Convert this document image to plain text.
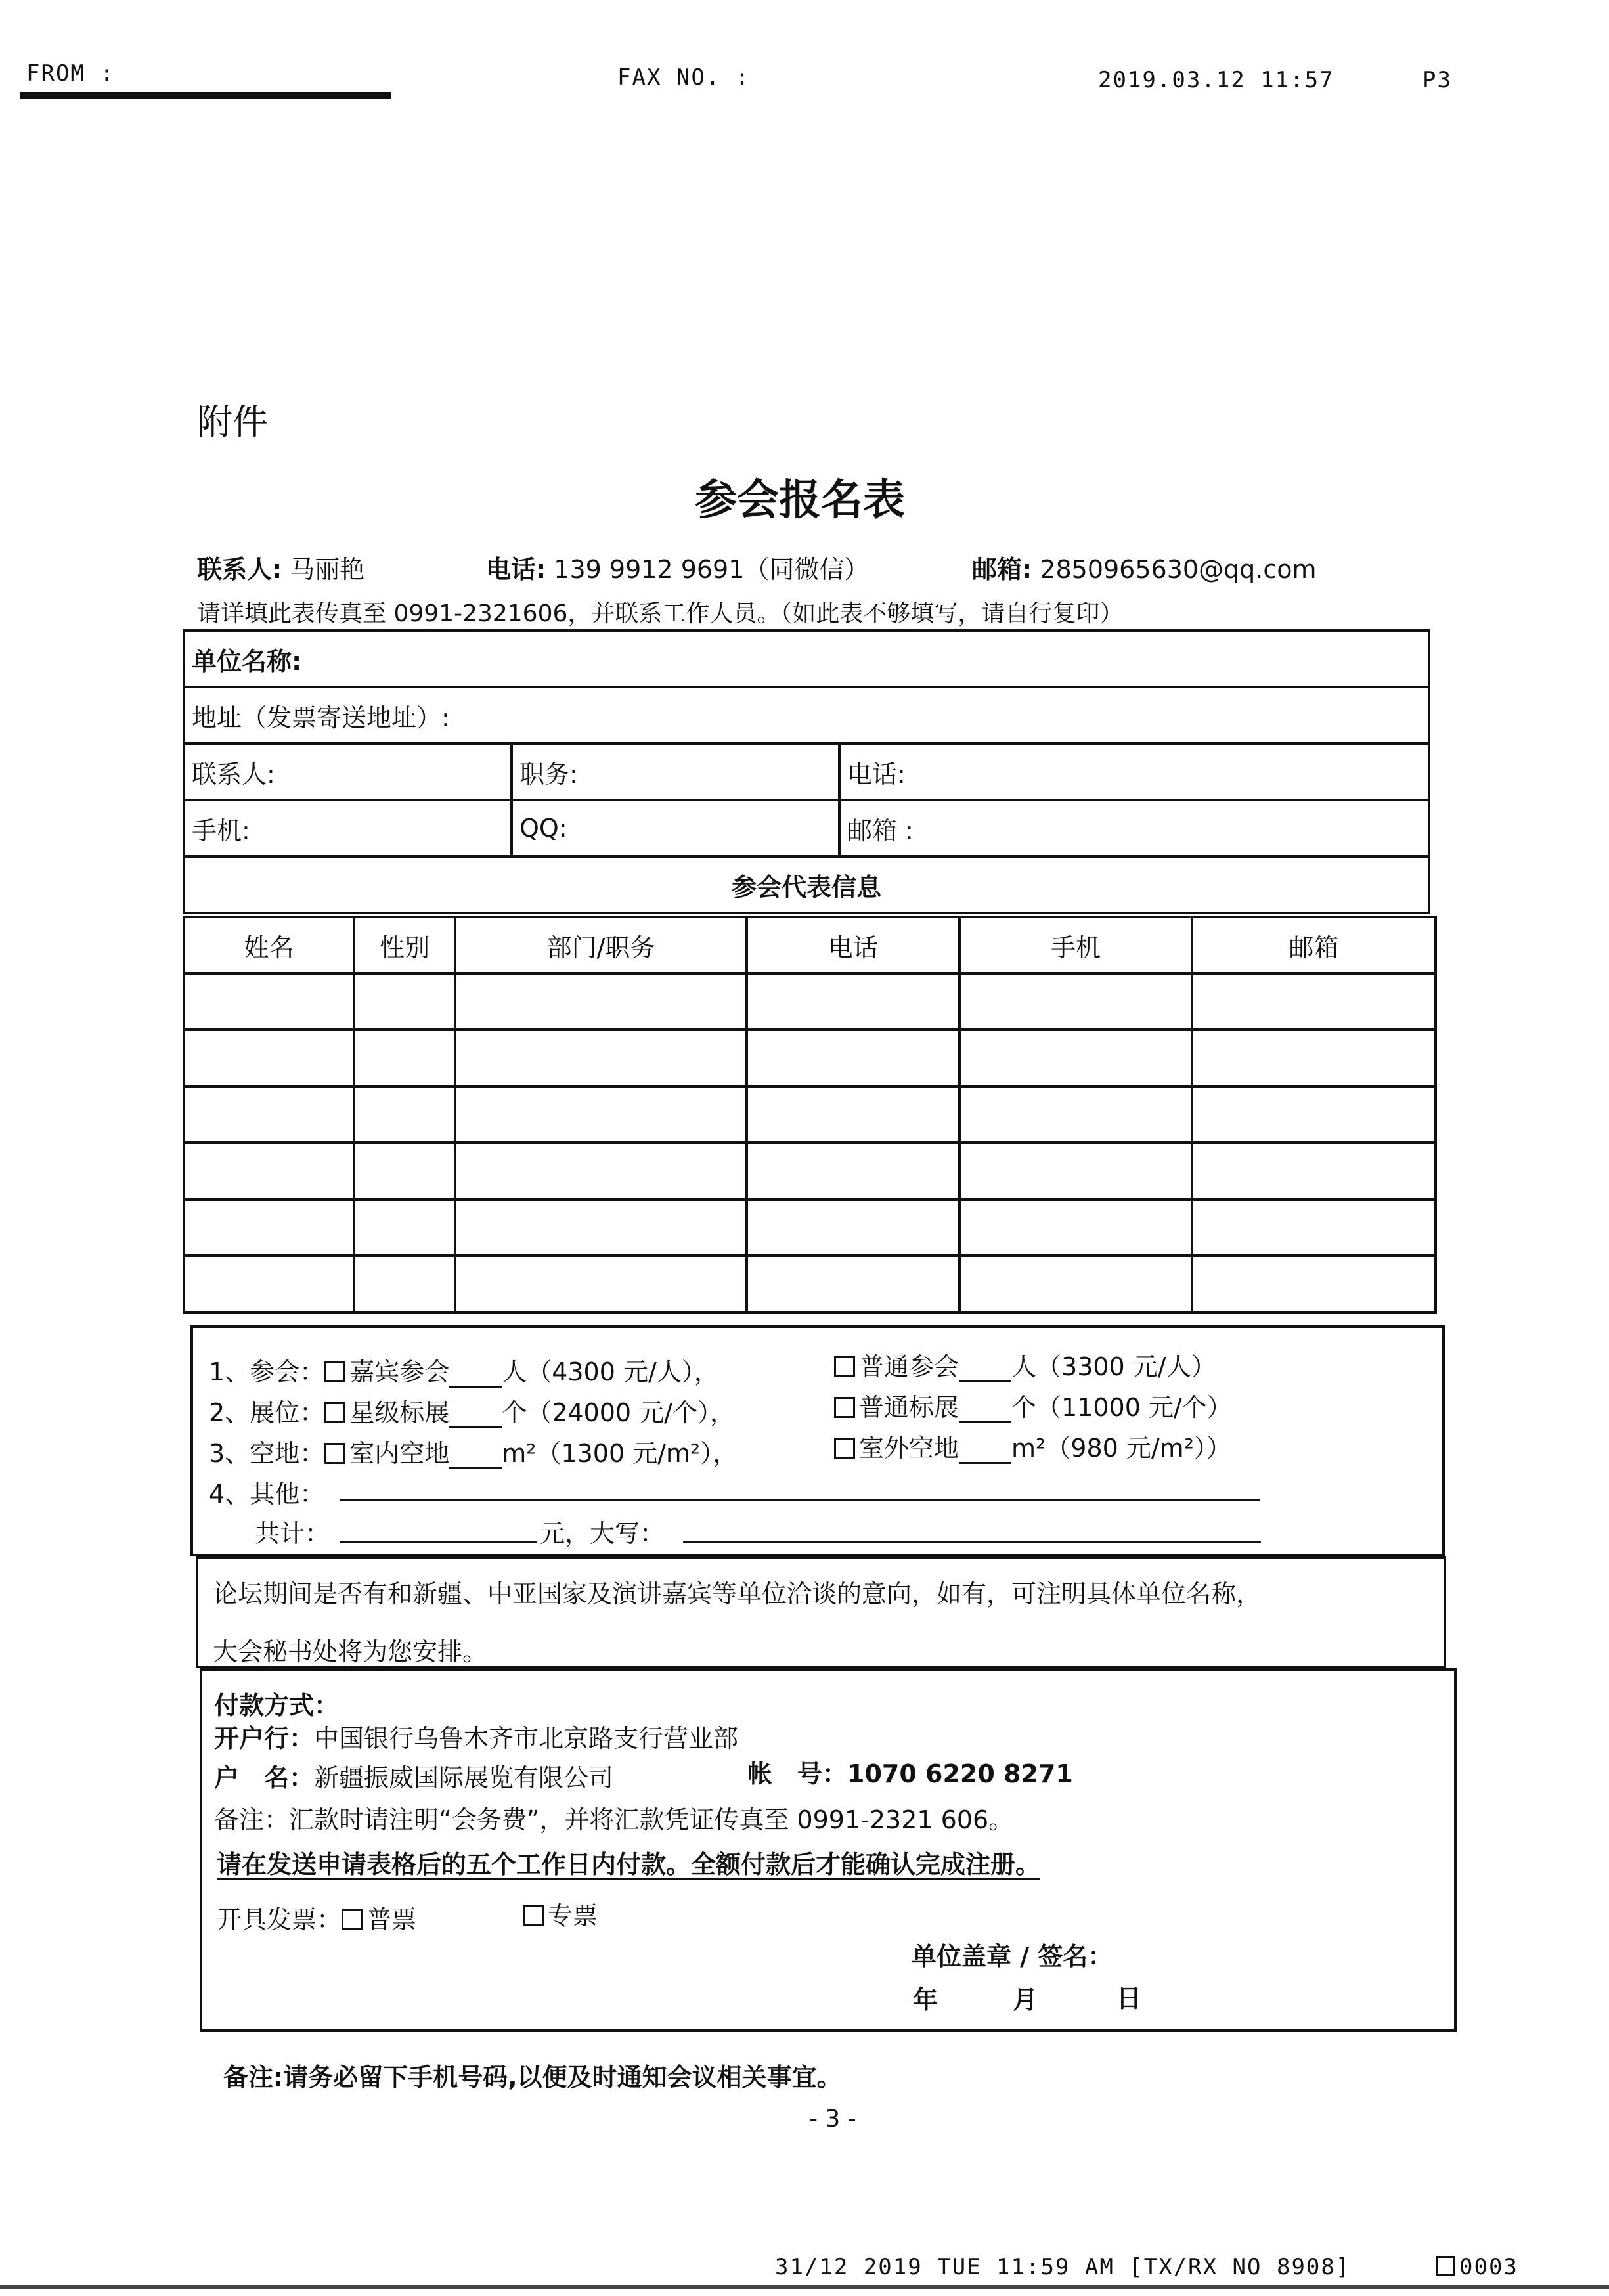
FROM :	FAX NO. :	2019.03.12 11:57	P3
附件
参会报名表
联系人: 马丽艳	电话: 139 9912 9691（同微信）	邮箱: 2850965630@qq.com
请详填此表传真至 0991-2321606，并联系工作人员。（如此表不够填写，请自行复印）
单位名称:		
地址（发票寄送地址）:		
联系人:	职务:	电话:
手机:	QQ:	邮箱 :
参会代表信息		
姓名	性别	部门/职务	电话	手机	邮箱

1、参会： 嘉宾参会 人（4300 元/人），	普通参会 人（3300 元/人）
2、展位： 星级标展 个（24000 元/个），	普通标展 个（11000 元/个）
3、空地： 室内空地 m²（1300 元/m²），	室外空地 m²（980 元/m²））
4、其他：
共计：	元，大写：
论坛期间是否有和新疆、中亚国家及演讲嘉宾等单位洽谈的意向，如有，可注明具体单位名称，
大会秘书处将为您安排。
付款方式：
开户行：中国银行乌鲁木齐市北京路支行营业部
户　名：新疆振威国际展览有限公司	帐　号：1070 6220 8271
备注：汇款时请注明“会务费”，并将汇款凭证传真至 0991-2321 606。
请在发送申请表格后的五个工作日内付款。全额付款后才能确认完成注册。
开具发票： 普票	专票
单位盖章 / 签名：
年	月	日
备注:请务必留下手机号码,以便及时通知会议相关事宜。
- 3 -
31/12 2019 TUE 11:59 AM [TX/RX NO 8908]	0003
